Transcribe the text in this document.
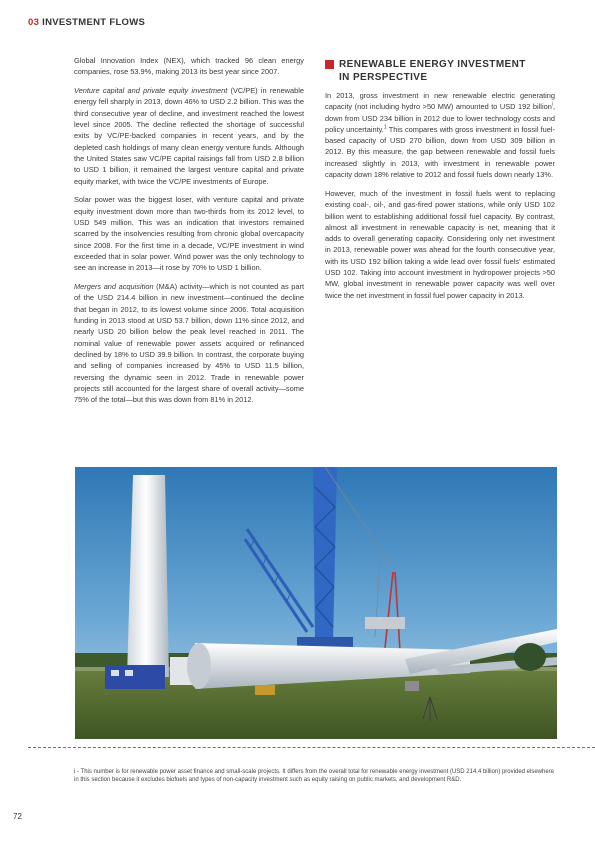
03 INVESTMENT FLOWS

Global Innovation Index (NEX), which tracked 96 clean energy companies, rose 53.9%, making 2013 its best year since 2007.

Venture capital and private equity investment (VC/PE) in renewable energy fell sharply in 2013, down 46% to USD 2.2 billion. This was the third consecutive year of decline, and investment reached the lowest level since 2005. The decline reflected the shortage of successful exits by VC/PE-backed companies in recent years, and by the depleted cash holdings of many clean energy venture funds. Although the United States saw VC/PE capital raisings fall from USD 2.8 billion to USD 1 billion, it remained the largest venture capital and private equity market, with twice the VC/PE investments of Europe.

Solar power was the biggest loser, with venture capital and private equity investment down more than two-thirds from its 2012 level, to USD 549 million. This was an indication that investors remained scarred by the insolvencies resulting from chronic global overcapacity since 2008. For the first time in a decade, VC/PE investment in wind exceeded that in solar power. Wind power was the only technology to see an increase in 2013—it rose by 70% to USD 1 billion.

Mergers and acquisition (M&A) activity—which is not counted as part of the USD 214.4 billion in new investment—continued the decline that began in 2012, to its lowest volume since 2006. Total acquisition funding in 2013 stood at USD 53.7 billion, down 11% since 2012, and nearly USD 20 billion below the peak level reached in 2011. The nominal value of renewable power assets acquired or refinanced declined by 18% to USD 39.9 billion. In contrast, the corporate buying and selling of companies increased by 45% to USD 11.5 billion, reversing the dynamic seen in 2012. Trade in renewable power projects still accounted for the largest share of overall activity—some 75% of the total—but this was down from 81% in 2012.

RENEWABLE ENERGY INVESTMENT
IN PERSPECTIVE

In 2013, gross investment in new renewable electric generating capacity (not including hydro >50 MW) amounted to USD 192 billion$^i$, down from USD 234 billion in 2012 due to lower technology costs and policy uncertainty.$^1$ This compares with gross investment in fossil fuel-based capacity of USD 270 billion, down from USD 309 billion in 2012. By this measure, the gap between renewable and fossil fuels increased slightly in 2013, with investment in renewable power capacity down 18% relative to 2012 and fossil fuels down nearly 13%.

However, much of the investment in fossil fuels went to replacing existing coal-, oil-, and gas-fired power stations, while only USD 102 billion went to establishing additional fossil fuel capacity. By contrast, almost all investment in renewable capacity is net, meaning that it adds to overall generating capacity. Considering only net investment in 2013, renewable power was ahead for the fourth consecutive year, with its USD 192 billion taking a wide lead over fossil fuels' estimated USD 102. Taking into account investment in hydropower projects >50 MW, global investment in renewable power capacity was well over twice the net investment in fossil fuel power capacity in 2013.

i - This number is for renewable power asset finance and small-scale projects. It differs from the overall total for renewable energy investment (USD 214.4 billion) provided elsewhere in this section because it excludes biofuels and types of non-capacity investment such as equity raising on public markets, and development R&D.

72
